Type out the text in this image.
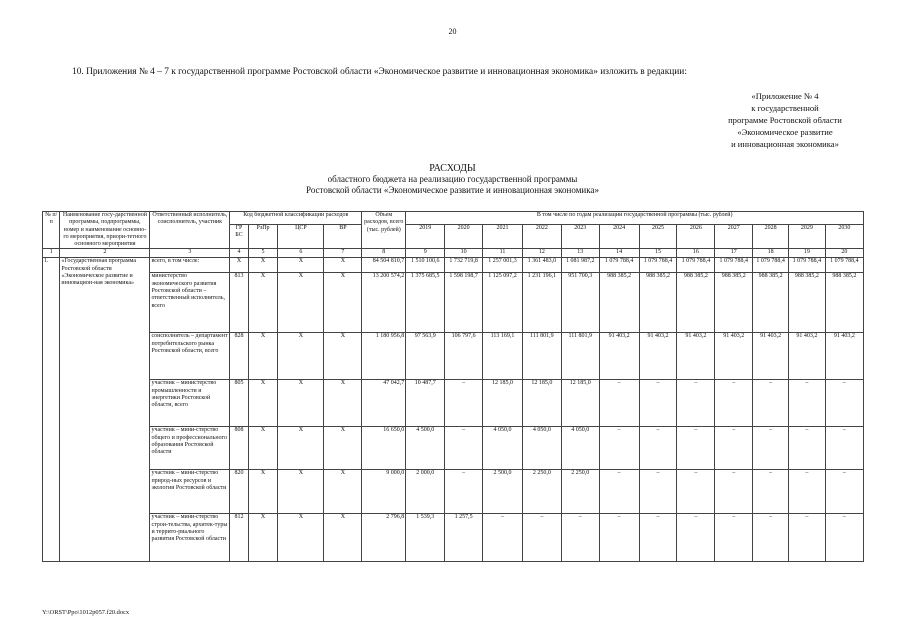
20
10. Приложения № 4 – 7 к государственной программе Ростовской области «Экономическое развитие и инновационная экономика» изложить в редакции:
«Приложение № 4
к государственной
программе Ростовской области
«Экономическое развитие
и инновационная экономика»
РАСХОДЫ
областного бюджета на реализацию государственной программы
Ростовской области «Экономическое развитие и инновационная экономика»
№ п/п	Наименование госу-дарственной программы, подпрограммы, номер и наименование основно-го мероприятия, приори-тетного основного мероприятия	Ответственный исполнитель, соисполнитель, участник	Код бюджетной классификации расходов				Объем расходов, всего (тыс. рублей)	В том числе по годам реализации государственной программы (тыс. рублей)											
			ГР БС	РзПр	ЦСР	ВР		2019	2020	2021	2022	2023	2024	2025	2026	2027	2028	2029	2030
1	2	3	4	5	6	7	8	9	10	11	12	13	14	15	16	17	18	19	20
1.	«Государственная программа Ростовской области «Экономическое развитие и инновацион-ная экономика»	всего, в том числе:	Х	Х	Х	Х	84 504 810,7	1 510 100,6	1 732 719,8	1 257 001,3	1 361 483,0	1 081 987,2	1 079 788,4	1 079 788,4	1 079 788,4	1 079 788,4	1 079 788,4	1 079 788,4	1 079 788,4
		министерство экономического развития Ростовской области – ответственный исполнитель, всего	813	Х	Х	Х	13 200 574,2	1 375 685,5	1 598 198,7	1 125 097,2	1 231 196,1	951 700,3	988 385,2	988 385,2	988 385,2	988 385,2	988 385,2	988 385,2	988 385,2
		соисполнитель – департамент потребительского рынка Ростовской области, всего	828	Х	Х	Х	1 180 956,8	97 563,9	106 797,6	113 169,1	111 801,9	111 801,9	91 403,2	91 403,2	91 403,2	91 403,2	91 403,2	91 403,2	91 403,2
		участник – министерство промышленности и энергетики Ростовской области, всего	805	Х	Х	Х	47 042,7	10 487,7	–	12 185,0	12 185,0	12 185,0	–	–	–	–	–	–	–
		участник – мини-стерство общего и профессионального образования Ростовской области	808	Х	Х	Х	16 650,0	4 500,0	–	4 050,0	4 050,0	4 050,0	–	–	–	–	–	–	–
		участник – мини-стерство природ-ных ресурсов и экологии Ростовской области	820	Х	Х	Х	9 000,0	2 000,0	–	2 500,0	2 250,0	2 250,0	–	–	–	–	–	–	–
		участник – мини-стерство строи-тельства, архитек-туры и террито-риального развития Ростовской области	812	Х	Х	Х	2 796,8	1 539,3	1 257,5	–	–	–	–	–	–	–	–	–	–
Y:\ORST\Ppo\1012p057.f20.docx
